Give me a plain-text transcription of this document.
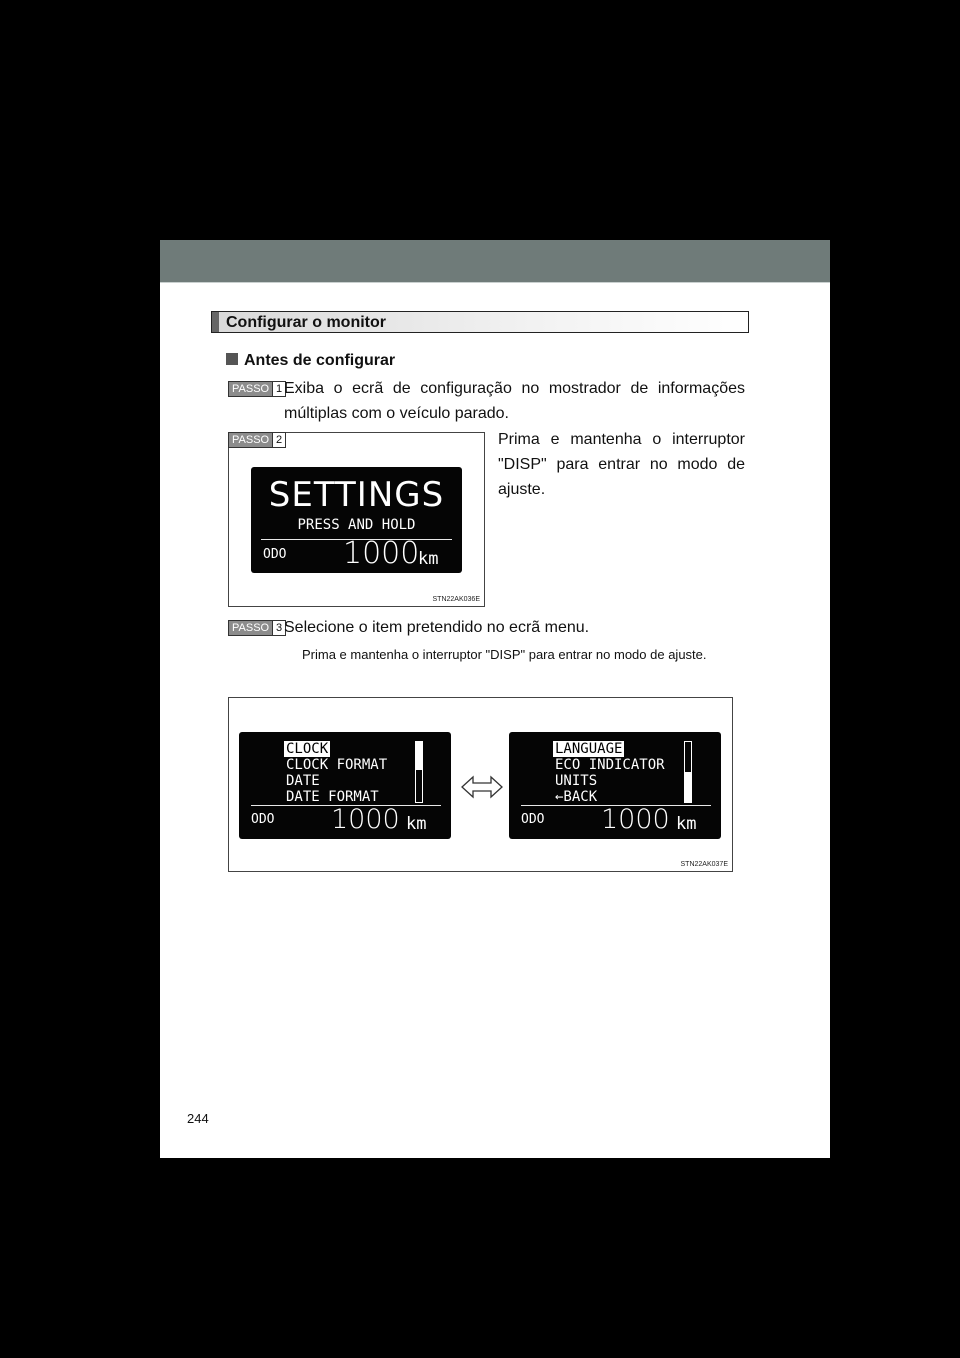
Configurar o monitor
Antes de configurar
PASSO 1 Exiba o ecrã de configuração no mostrador de informações múltiplas com o veículo parado.
PASSO 2
SETTINGS
PRESS AND HOLD
ODO 1000
km
STN22AK036E
Prima e mantenha o interruptor "DISP" para entrar no modo de ajuste.
PASSO 3 Selecione o item pretendido no ecrã menu.
Prima e mantenha o interruptor "DISP" para entrar no modo de ajuste.
CLOCK
CLOCK FORMAT
DATE
DATE FORMAT
ODO 1000 km
LANGUAGE
ECO INDICATOR
UNITS
←BACK
ODO 1000 km
STN22AK037E
244
